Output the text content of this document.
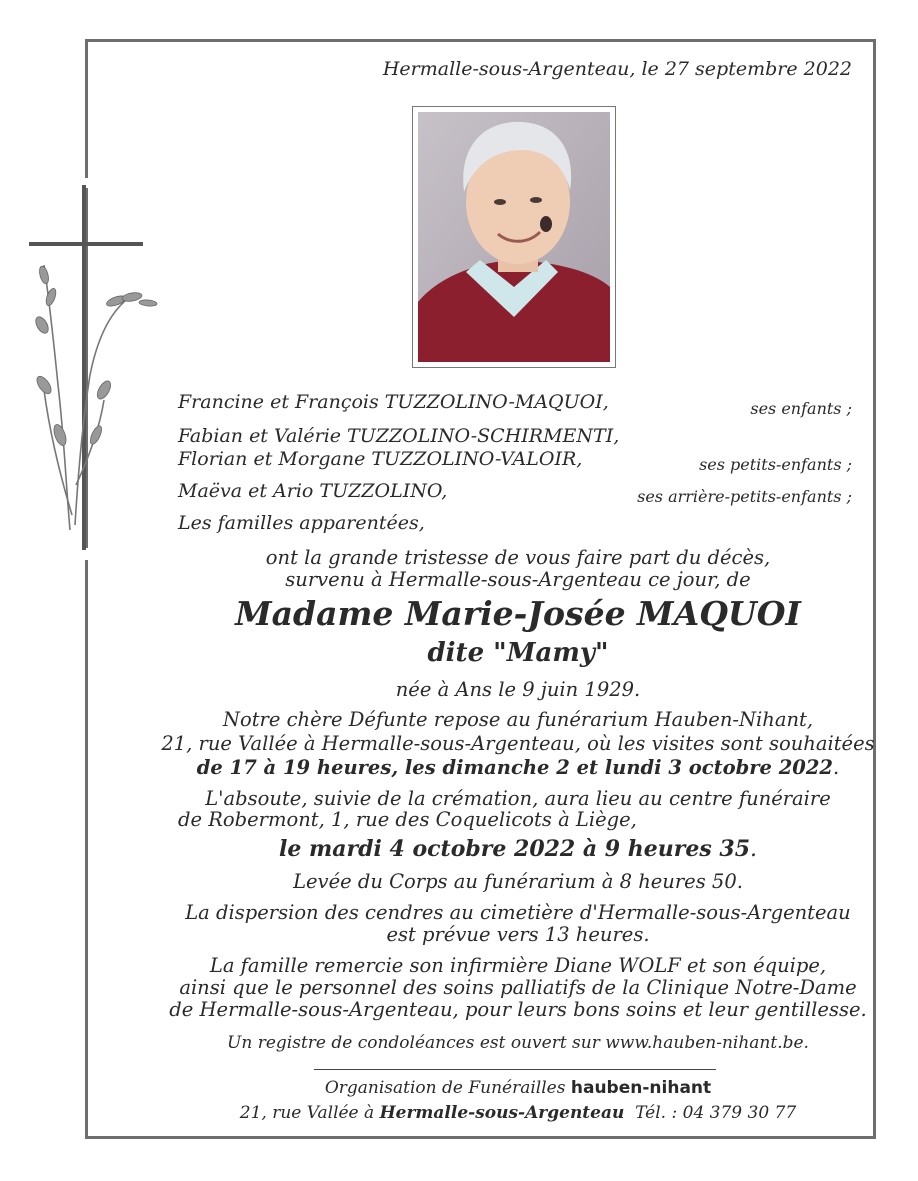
Hermalle-sous-Argenteau, le 27 septembre 2022
Francine et François TUZZOLINO-MAQUOI,
Fabian et Valérie TUZZOLINO-SCHIRMENTI,
Florian et Morgane TUZZOLINO-VALOIR,
Maëva et Ario TUZZOLINO,
Les familles apparentées,
ses enfants ;
ses petits-enfants ;
ses arrière-petits-enfants ;
ont la grande tristesse de vous faire part du décès,
survenu à Hermalle-sous-Argenteau ce jour, de
Madame Marie-Josée MAQUOI
dite "Mamy"
née à Ans le 9 juin 1929.
Notre chère Défunte repose au funérarium Hauben-Nihant,
21, rue Vallée à Hermalle-sous-Argenteau, où les visites sont souhaitées
de 17 à 19 heures, les dimanche 2 et lundi 3 octobre 2022.
L'absoute, suivie de la crémation, aura lieu au centre funéraire
de Robermont, 1, rue des Coquelicots à Liège,
le mardi 4 octobre 2022 à 9 heures 35.
Levée du Corps au funérarium à 8 heures 50.
La dispersion des cendres au cimetière d'Hermalle-sous-Argenteau
est prévue vers 13 heures.
La famille remercie son infirmière Diane WOLF et son équipe,
ainsi que le personnel des soins palliatifs de la Clinique Notre-Dame
de Hermalle-sous-Argenteau, pour leurs bons soins et leur gentillesse.
Un registre de condoléances est ouvert sur www.hauben-nihant.be.
Organisation de Funérailles hauben-nihant
21, rue Vallée à Hermalle-sous-Argenteau  Tél. : 04 379 30 77
